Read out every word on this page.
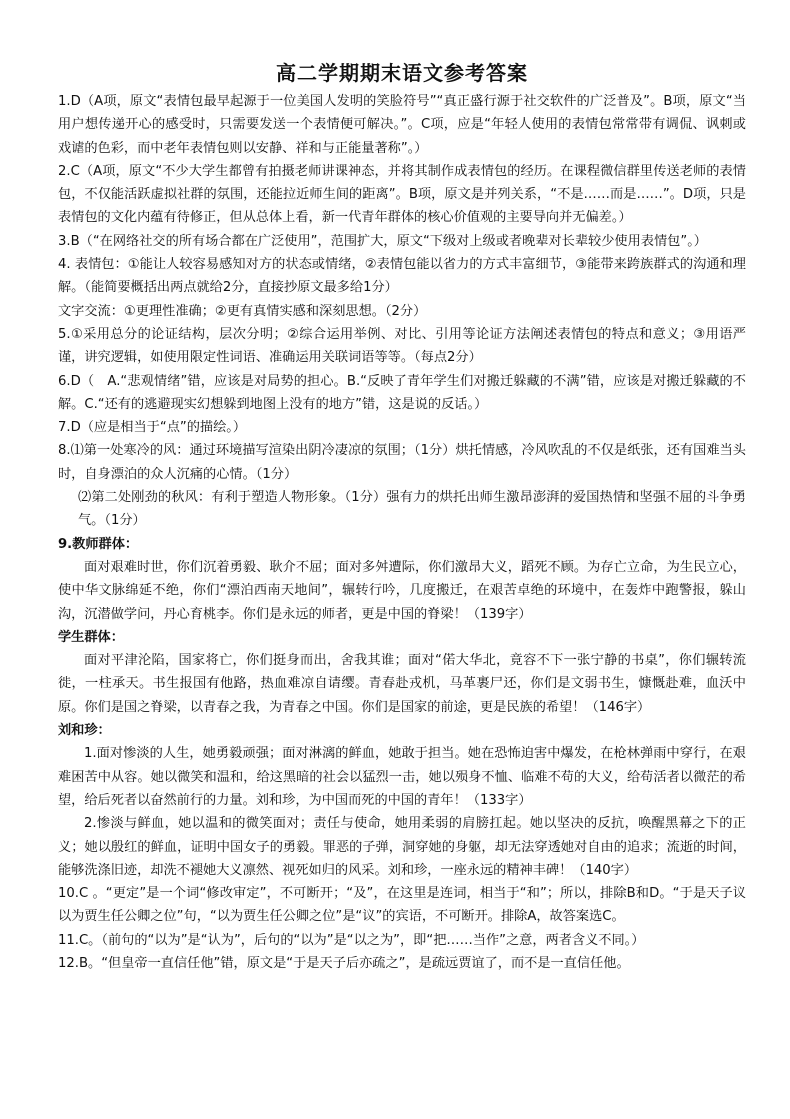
高二学期期末语文参考答案

1.D（A项，原文“表情包最早起源于一位美国人发明的笑脸符号”“真正盛行源于社交软件的广泛普及”。B项，原文“当用户想传递开心的感受时，只需要发送一个表情便可解决。”。C项，应是“年轻人使用的表情包常常带有调侃、讽刺或戏谑的色彩，而中老年表情包则以安静、祥和与正能量著称”。）

2.C（A项，原文“不少大学生都曾有拍摄老师讲课神态，并将其制作成表情包的经历。在课程微信群里传送老师的表情包，不仅能活跃虚拟社群的氛围，还能拉近师生间的距离”。B项，原文是并列关系，“不是……而是……”。D项，只是表情包的文化内蕴有待修正，但从总体上看，新一代青年群体的核心价值观的主要导向并无偏差。）

3.B（“在网络社交的所有场合都在广泛使用”，范围扩大，原文“下级对上级或者晚辈对长辈较少使用表情包”。）

4. 表情包：①能让人较容易感知对方的状态或情绪，②表情包能以省力的方式丰富细节，③能带来跨族群式的沟通和理解。（能简要概括出两点就给2分，直接抄原文最多给1分）

文字交流：①更理性准确；②更有真情实感和深刻思想。（2分）

5.①采用总分的论证结构，层次分明；②综合运用举例、对比、引用等论证方法阐述表情包的特点和意义；③用语严谨，讲究逻辑，如使用限定性词语、准确运用关联词语等等。（每点2分）

6.D（　A.“悲观情绪”错，应该是对局势的担心。B.“反映了青年学生们对搬迁躲藏的不满”错，应该是对搬迁躲藏的不解。C.“还有的逃避现实幻想躲到地图上没有的地方”错，这是说的反话。）

7.D（应是相当于“点”的描绘。）

8.⑴第一处寒冷的风：通过环境描写渲染出阴冷凄凉的氛围；（1分）烘托情感，冷风吹乱的不仅是纸张，还有国难当头时，自身漂泊的众人沉痛的心情。（1分）

⑵第二处刚劲的秋风：有利于塑造人物形象。（1分）强有力的烘托出师生激昂澎湃的爱国热情和坚强不屈的斗争勇气。（1分）

9.教师群体：

面对艰难时世，你们沉着勇毅、耿介不屈；面对多舛遭际，你们激昂大义，蹈死不顾。为存亡立命，为生民立心，使中华文脉绵延不绝，你们“漂泊西南天地间”，辗转行吟，几度搬迁，在艰苦卓绝的环境中，在轰炸中跑警报，躲山沟，沉潜做学问，丹心育桃李。你们是永远的师者，更是中国的脊梁！（139字）

学生群体：

面对平津沦陷，国家将亡，你们挺身而出，舍我其谁；面对“偌大华北，竟容不下一张宁静的书桌”，你们辗转流徙，一柱承天。书生报国有他路，热血难凉自请缨。青春赴戎机，马革裹尸还，你们是文弱书生，慷慨赴难，血沃中原。你们是国之脊梁，以青春之我，为青春之中国。你们是国家的前途，更是民族的希望！（146字）

刘和珍：

1.面对惨淡的人生，她勇毅顽强；面对淋漓的鲜血，她敢于担当。她在恐怖迫害中爆发，在枪林弹雨中穿行，在艰难困苦中从容。她以微笑和温和，给这黑暗的社会以猛烈一击，她以殒身不恤、临难不苟的大义，给苟活者以微茫的希望，给后死者以奋然前行的力量。刘和珍，为中国而死的中国的青年！（133字）

2.惨淡与鲜血，她以温和的微笑面对；责任与使命，她用柔弱的肩膀扛起。她以坚决的反抗，唤醒黑幕之下的正义；她以殷红的鲜血，证明中国女子的勇毅。罪恶的子弹，洞穿她的身躯，却无法穿透她对自由的追求；流逝的时间，能够洗涤旧迹，却洗不褪她大义凛然、视死如归的风采。刘和珍，一座永远的精神丰碑！（140字）

10.C 。“更定”是一个词“修改审定”，不可断开；“及”，在这里是连词，相当于“和”；所以，排除B和D。“于是天子议以为贾生任公卿之位”句，“以为贾生任公卿之位”是“议”的宾语，不可断开。排除A，故答案选C。

11.C。（前句的“以为”是“认为”，后句的“以为”是“以之为”，即“把……当作”之意，两者含义不同。）

12.B。“但皇帝一直信任他”错，原文是“于是天子后亦疏之”，是疏远贾谊了，而不是一直信任他。
